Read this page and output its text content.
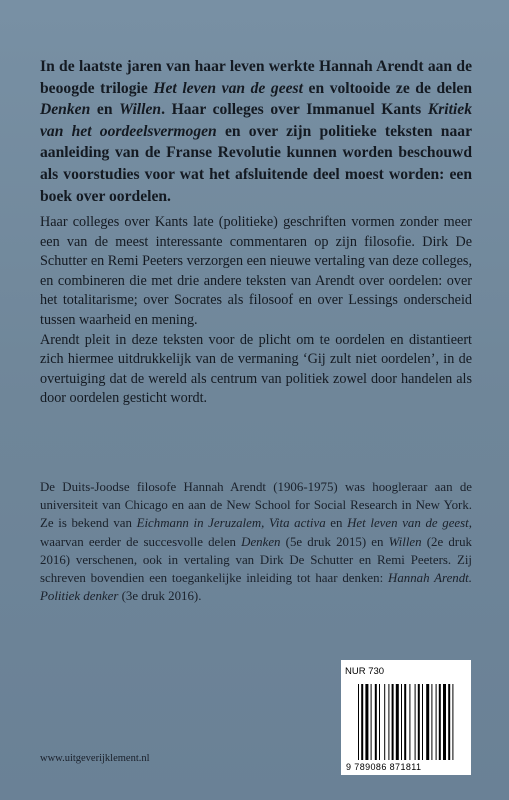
In de laatste jaren van haar leven werkte Hannah Arendt aan de beoogde trilogie Het leven van de geest en voltooide ze de delen Denken en Willen. Haar colleges over Immanuel Kants Kritiek van het oordeelsvermogen en over zijn politieke teksten naar aanleiding van de Franse Revolutie kunnen worden beschouwd als voorstudies voor wat het afsluitende deel moest worden: een boek over oordelen.

Haar colleges over Kants late (politieke) geschriften vormen zonder meer een van de meest interessante commentaren op zijn filosofie. Dirk De Schutter en Remi Peeters verzorgen een nieuwe vertaling van deze colleges, en combineren die met drie andere teksten van Arendt over oordelen: over het totalitarisme; over Socrates als filosoof en over Lessings onderscheid tussen waarheid en mening.

Arendt pleit in deze teksten voor de plicht om te oordelen en distantieert zich hiermee uitdrukkelijk van de vermaning ‘Gij zult niet oordelen’, in de overtuiging dat de wereld als centrum van politiek zowel door handelen als door oordelen gesticht wordt.

De Duits-Joodse filosofe Hannah Arendt (1906-1975) was hoogleraar aan de universiteit van Chicago en aan de New School for Social Research in New York. Ze is bekend van Eichmann in Jeruzalem, Vita activa en Het leven van de geest, waarvan eerder de succesvolle delen Denken (5e druk 2015) en Willen (2e druk 2016) verschenen, ook in vertaling van Dirk De Schutter en Remi Peeters. Zij schreven bovendien een toegankelijke inleiding tot haar denken: Hannah Arendt. Politiek denker (3e druk 2016).

NUR 730
9 789086 871811
www.uitgeverijklement.nl
